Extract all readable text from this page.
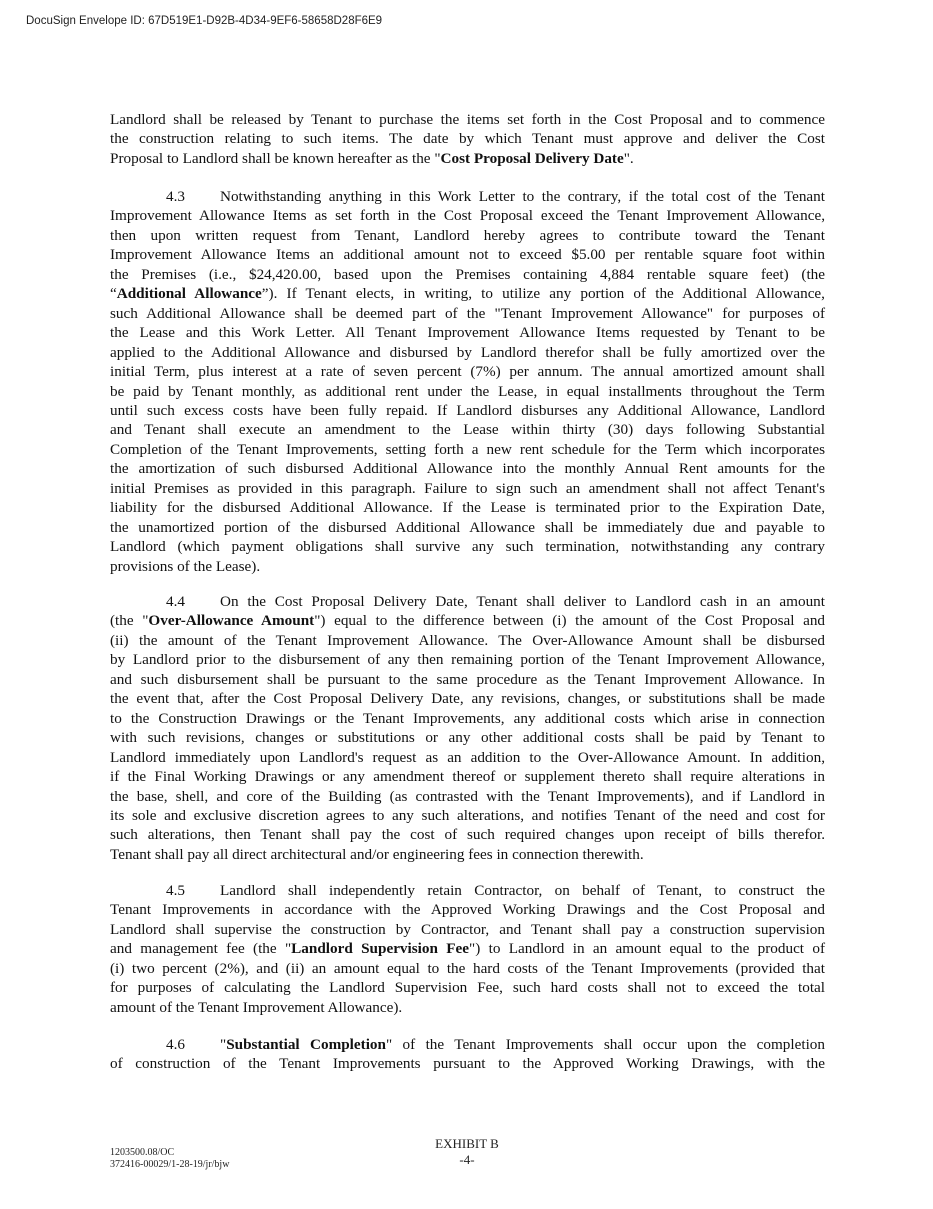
DocuSign Envelope ID: 67D519E1-D92B-4D34-9EF6-58658D28F6E9
Landlord shall be released by Tenant to purchase the items set forth in the Cost Proposal and to commence
the construction relating to such items. The date by which Tenant must approve and deliver the Cost
Proposal to Landlord shall be known hereafter as the "Cost Proposal Delivery Date".
4.3 Notwithstanding anything in this Work Letter to the contrary, if the total cost of the Tenant
Improvement Allowance Items as set forth in the Cost Proposal exceed the Tenant Improvement Allowance,
then upon written request from Tenant, Landlord hereby agrees to contribute toward the Tenant
Improvement Allowance Items an additional amount not to exceed $5.00 per rentable square foot within
the Premises (i.e., $24,420.00, based upon the Premises containing 4,884 rentable square feet) (the
“Additional Allowance”). If Tenant elects, in writing, to utilize any portion of the Additional Allowance,
such Additional Allowance shall be deemed part of the "Tenant Improvement Allowance" for purposes of
the Lease and this Work Letter. All Tenant Improvement Allowance Items requested by Tenant to be
applied to the Additional Allowance and disbursed by Landlord therefor shall be fully amortized over the
initial Term, plus interest at a rate of seven percent (7%) per annum. The annual amortized amount shall
be paid by Tenant monthly, as additional rent under the Lease, in equal installments throughout the Term
until such excess costs have been fully repaid. If Landlord disburses any Additional Allowance, Landlord
and Tenant shall execute an amendment to the Lease within thirty (30) days following Substantial
Completion of the Tenant Improvements, setting forth a new rent schedule for the Term which incorporates
the amortization of such disbursed Additional Allowance into the monthly Annual Rent amounts for the
initial Premises as provided in this paragraph. Failure to sign such an amendment shall not affect Tenant's
liability for the disbursed Additional Allowance. If the Lease is terminated prior to the Expiration Date,
the unamortized portion of the disbursed Additional Allowance shall be immediately due and payable to
Landlord (which payment obligations shall survive any such termination, notwithstanding any contrary
provisions of the Lease).
4.4 On the Cost Proposal Delivery Date, Tenant shall deliver to Landlord cash in an amount
(the "Over-Allowance Amount") equal to the difference between (i) the amount of the Cost Proposal and
(ii) the amount of the Tenant Improvement Allowance. The Over-Allowance Amount shall be disbursed
by Landlord prior to the disbursement of any then remaining portion of the Tenant Improvement Allowance,
and such disbursement shall be pursuant to the same procedure as the Tenant Improvement Allowance. In
the event that, after the Cost Proposal Delivery Date, any revisions, changes, or substitutions shall be made
to the Construction Drawings or the Tenant Improvements, any additional costs which arise in connection
with such revisions, changes or substitutions or any other additional costs shall be paid by Tenant to
Landlord immediately upon Landlord's request as an addition to the Over-Allowance Amount. In addition,
if the Final Working Drawings or any amendment thereof or supplement thereto shall require alterations in
the base, shell, and core of the Building (as contrasted with the Tenant Improvements), and if Landlord in
its sole and exclusive discretion agrees to any such alterations, and notifies Tenant of the need and cost for
such alterations, then Tenant shall pay the cost of such required changes upon receipt of bills therefor.
Tenant shall pay all direct architectural and/or engineering fees in connection therewith.
4.5 Landlord shall independently retain Contractor, on behalf of Tenant, to construct the
Tenant Improvements in accordance with the Approved Working Drawings and the Cost Proposal and
Landlord shall supervise the construction by Contractor, and Tenant shall pay a construction supervision
and management fee (the "Landlord Supervision Fee") to Landlord in an amount equal to the product of
(i) two percent (2%), and (ii) an amount equal to the hard costs of the Tenant Improvements (provided that
for purposes of calculating the Landlord Supervision Fee, such hard costs shall not to exceed the total
amount of the Tenant Improvement Allowance).
4.6 "Substantial Completion" of the Tenant Improvements shall occur upon the completion
of construction of the Tenant Improvements pursuant to the Approved Working Drawings, with the
1203500.08/OC
372416-00029/1-28-19/jr/bjw
EXHIBIT B
-4-
